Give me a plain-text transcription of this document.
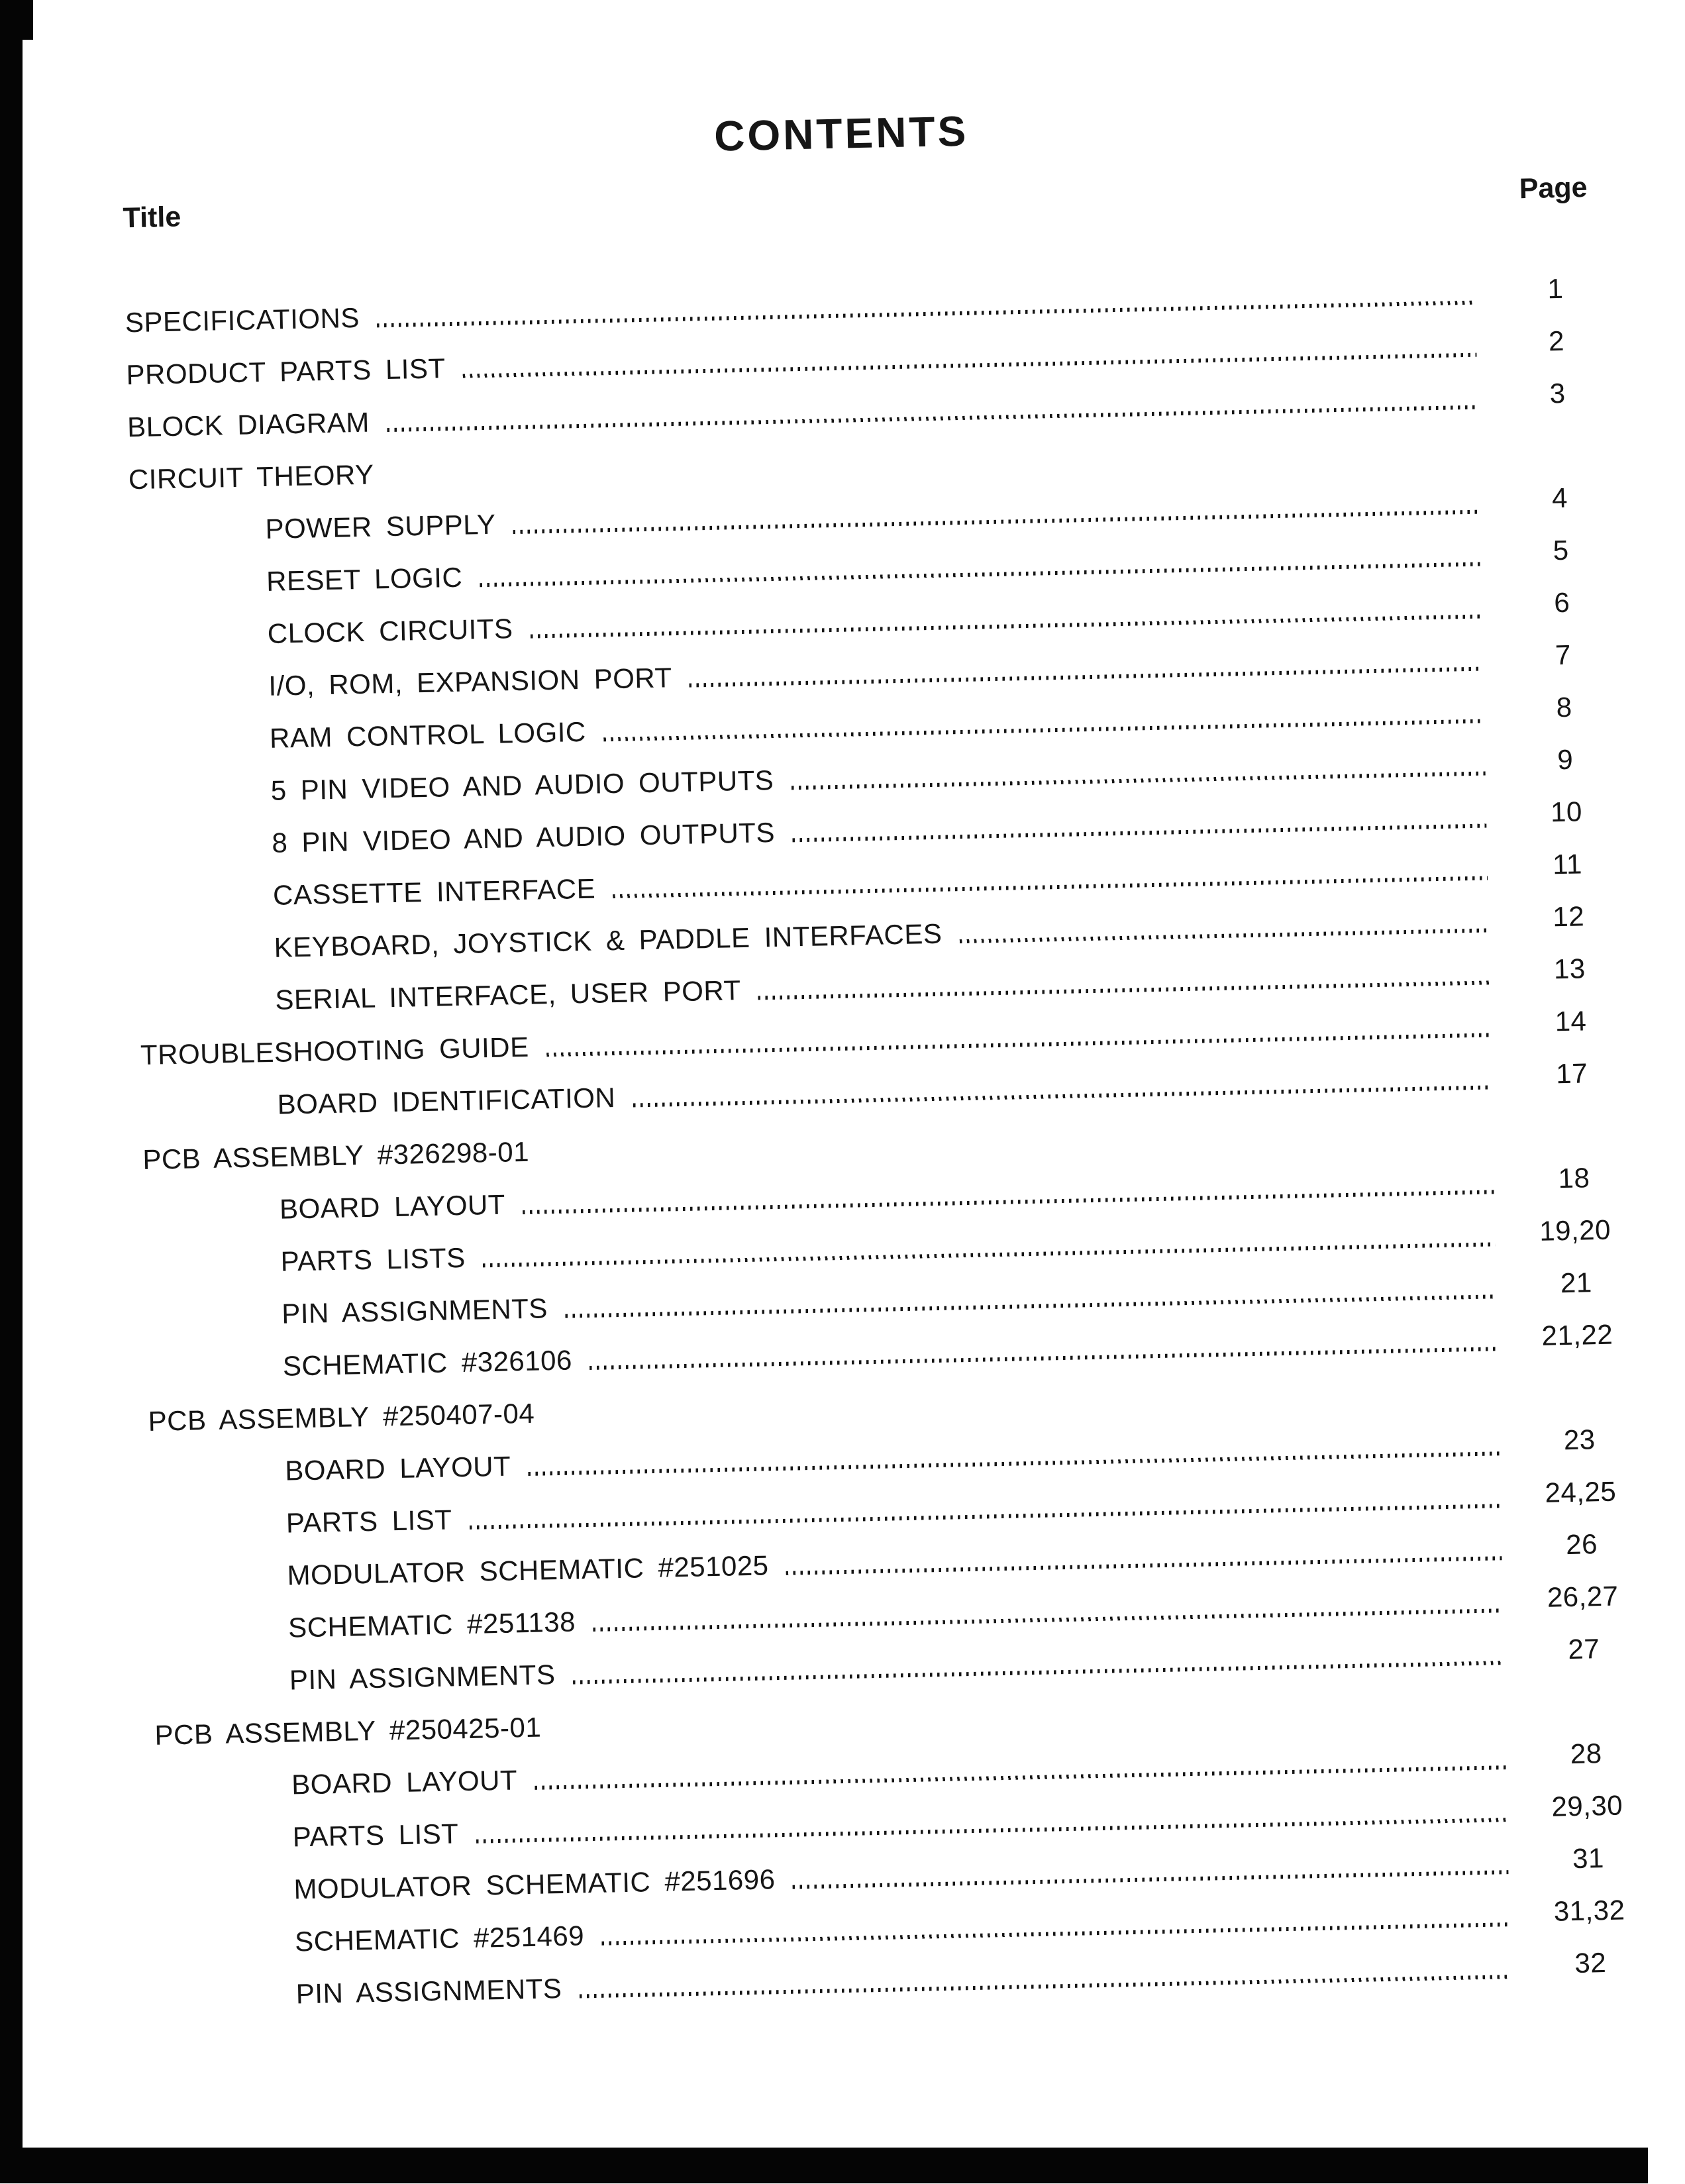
CONTENTS
Title
Page
SPECIFICATIONS
1
PRODUCT PARTS LIST
2
BLOCK DIAGRAM
3
CIRCUIT THEORY
POWER SUPPLY
4
RESET LOGIC
5
CLOCK CIRCUITS
6
I/O, ROM, EXPANSION PORT
7
RAM CONTROL LOGIC
8
5 PIN VIDEO AND AUDIO OUTPUTS
9
8 PIN VIDEO AND AUDIO OUTPUTS
10
CASSETTE INTERFACE
11
KEYBOARD, JOYSTICK & PADDLE INTERFACES
12
SERIAL INTERFACE, USER PORT
13
TROUBLESHOOTING GUIDE
14
BOARD IDENTIFICATION
17
PCB ASSEMBLY #326298-01
BOARD LAYOUT
18
PARTS LISTS
19,20
PIN ASSIGNMENTS
21
SCHEMATIC #326106
21,22
PCB ASSEMBLY #250407-04
BOARD LAYOUT
23
PARTS LIST
24,25
MODULATOR SCHEMATIC #251025
26
SCHEMATIC #251138
26,27
PIN ASSIGNMENTS
27
PCB ASSEMBLY #250425-01
BOARD LAYOUT
28
PARTS LIST
29,30
MODULATOR SCHEMATIC #251696
31
SCHEMATIC #251469
31,32
PIN ASSIGNMENTS
32
